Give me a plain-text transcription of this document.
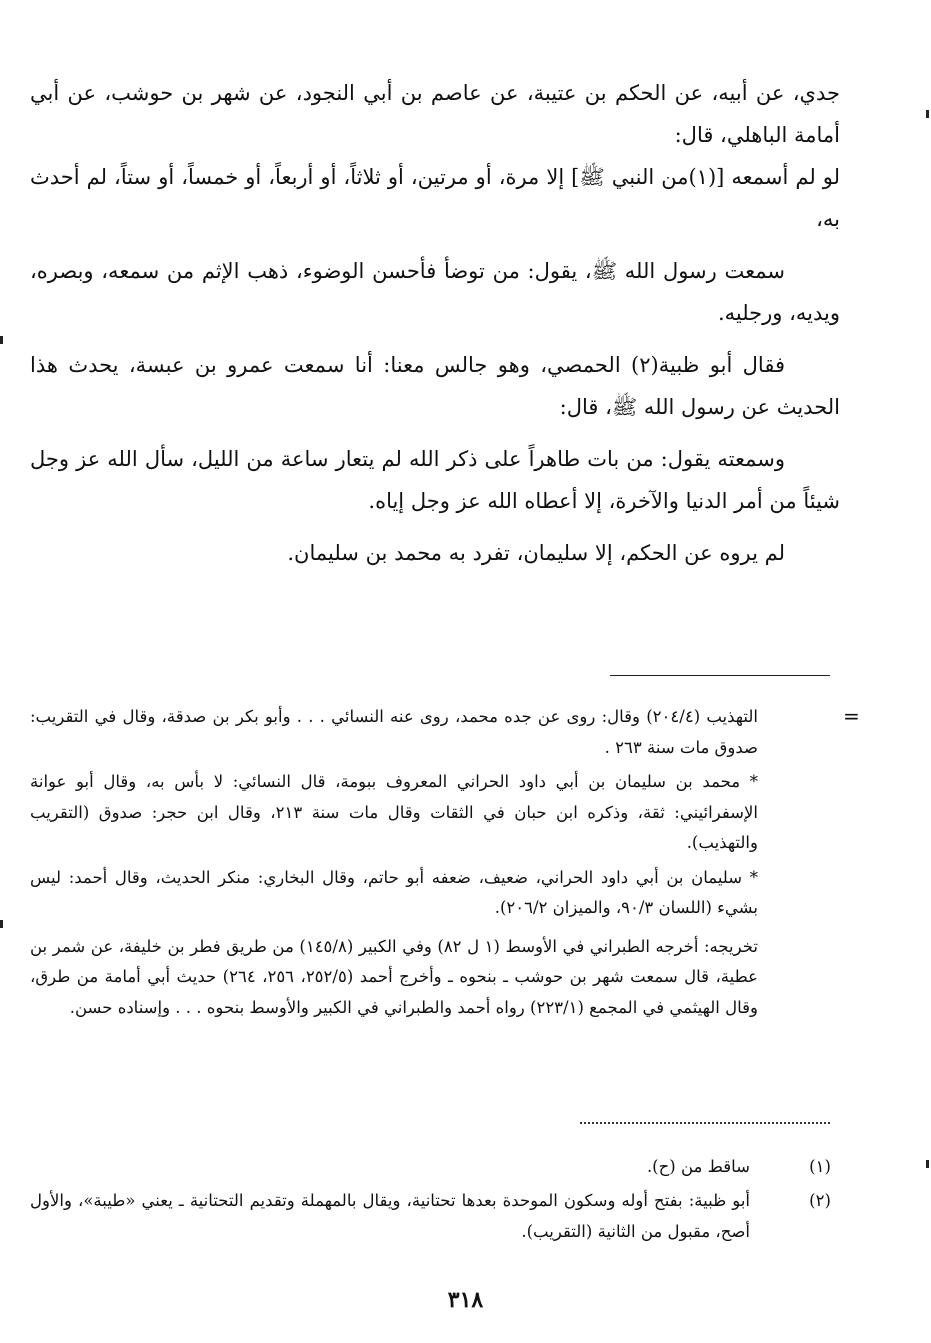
جدي، عن أبيه، عن الحكم بن عتيبة، عن عاصم بن أبي النجود، عن شهر بن حوشب، عن أبي أمامة الباهلي، قال:

لو لم أسمعه [(١)من النبي ﷺ] إلا مرة، أو مرتين، أو ثلاثاً، أو أربعاً، أو خمساً، أو ستاً، لم أحدث به،

سمعت رسول الله ﷺ، يقول: من توضأ فأحسن الوضوء، ذهب الإثم من سمعه، وبصره، ويديه، ورجليه.

فقال أبو ظبية(٢) الحمصي، وهو جالس معنا: أنا سمعت عمرو بن عبسة، يحدث هذا الحديث عن رسول الله ﷺ، قال:

وسمعته يقول: من بات طاهراً على ذكر الله لم يتعار ساعة من الليل، سأل الله عز وجل شيئاً من أمر الدنيا والآخرة، إلا أعطاه الله عز وجل إياه.

لم يروه عن الحكم، إلا سليمان، تفرد به محمد بن سليمان.

=

التهذيب (٢٠٤/٤) وقال: روى عن جده محمد، روى عنه النسائي . . . وأبو بكر بن صدقة، وقال في التقريب: صدوق مات سنة ٢٦٣ .

* محمد بن سليمان بن أبي داود الحراني المعروف ببومة، قال النسائي: لا بأس به، وقال أبو عوانة الإسفرائيني: ثقة، وذكره ابن حبان في الثقات وقال مات سنة ٢١٣، وقال ابن حجر: صدوق (التقريب والتهذيب).

* سليمان بن أبي داود الحراني، ضعيف، ضعفه أبو حاتم، وقال البخاري: منكر الحديث، وقال أحمد: ليس بشيء (اللسان ٩٠/٣، والميزان ٢٠٦/٢).

تخريجه: أخرجه الطبراني في الأوسط (١ ل ٨٢) وفي الكبير (١٤٥/٨) من طريق فطر بن خليفة، عن شمر بن عطية، قال سمعت شهر بن حوشب ـ بنحوه ـ وأخرج أحمد (٢٥٢/٥، ٢٥٦، ٢٦٤) حديث أبي أمامة من طرق، وقال الهيثمي في المجمع (٢٢٣/١) رواه أحمد والطبراني في الكبير والأوسط بنحوه . . . وإسناده حسن.

(١)
ساقط من (ح).
(٢)
أبو ظبية: بفتح أوله وسكون الموحدة بعدها تحتانية، ويقال بالمهملة وتقديم التحتانية ـ يعني «طيبة»، والأول أصح، مقبول من الثانية (التقريب).
٣١٨
